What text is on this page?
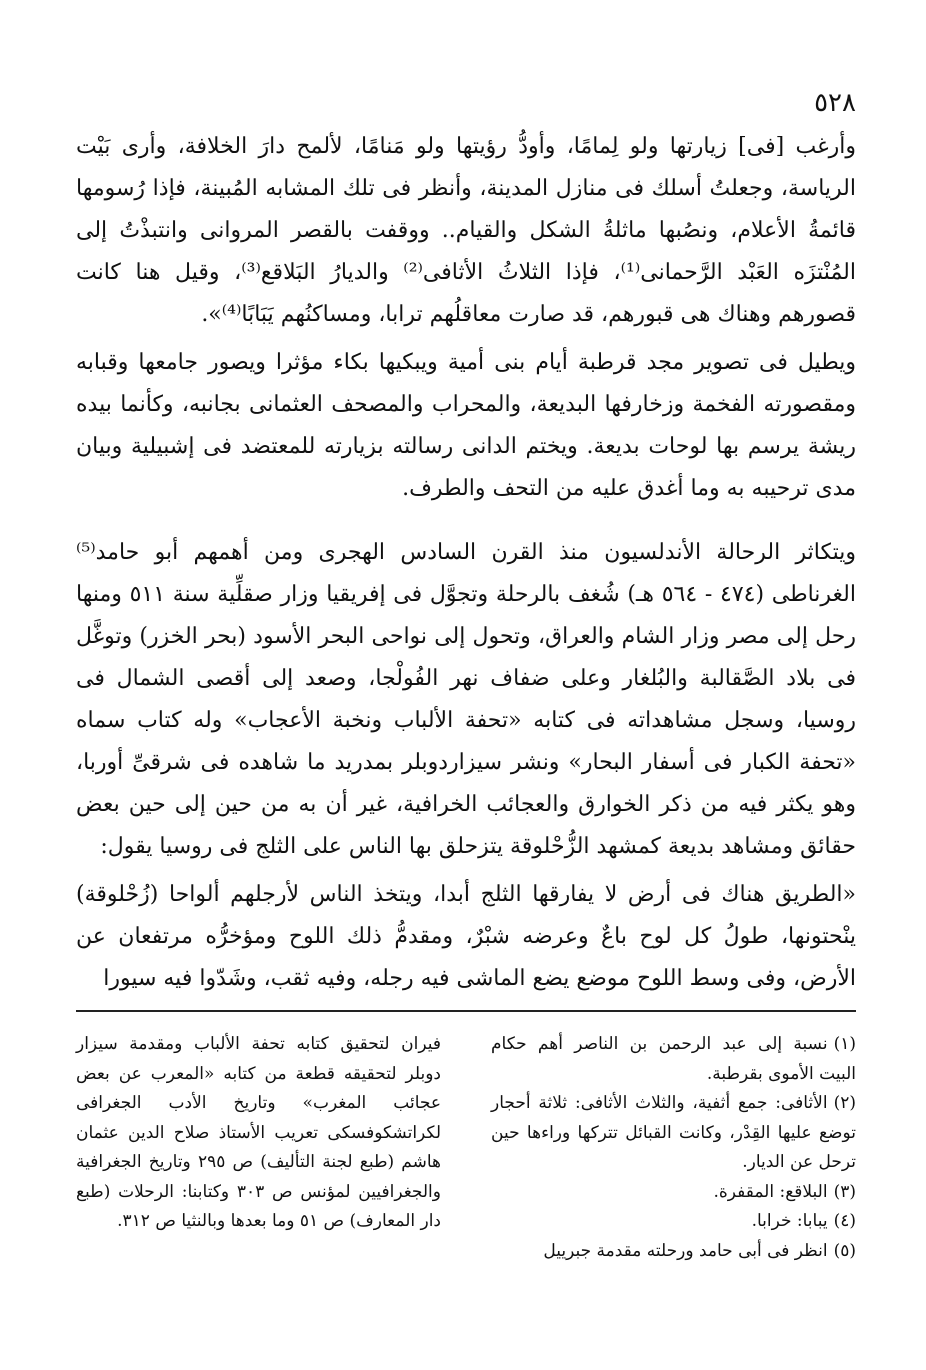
٥٢٨

وأرغب [فى] زيارتها ولو لِمامًا، وأودُّ رؤيتها ولو مَنامًا، لألمح دارَ الخلافة، وأرى بَيْت الرياسة، وجعلتُ أسلك فى منازل المدينة، وأنظر فى تلك المشابه المُبينة، فإذا رُسومها قائمةُ الأعلام، ونصُبها ماثلةُ الشكل والقيام.. ووقفت بالقصر المروانى وانتبذْتُ إلى المُنْتزَه العَبْد الرَّحمانى⁽¹⁾، فإذا الثلاثُ الأثافى⁽²⁾ والديارُ البَلاقع⁽³⁾، وقيل هنا كانت قصورهم وهناك هى قبورهم، قد صارت معاقلُهم ترابا، ومساكنُهم يَبَابًا⁽⁴⁾».

ويطيل فى تصوير مجد قرطبة أيام بنى أمية ويبكيها بكاء مؤثرا ويصور جامعها وقبابه ومقصورته الفخمة وزخارفها البديعة، والمحراب والمصحف العثمانى بجانبه، وكأنما بيده ريشة يرسم بها لوحات بديعة. ويختم الدانى رسالته بزيارته للمعتضد فى إشبيلية وبيان مدى ترحيبه به وما أغدق عليه من التحف والطرف.

ويتكاثر الرحالة الأندلسيون منذ القرن السادس الهجرى ومن أهمهم أبو حامد⁽⁵⁾ الغرناطى (٤٧٤ - ٥٦٤ هـ) شُغف بالرحلة وتجوَّل فى إفريقيا وزار صقلِّية سنة ٥١١ ومنها رحل إلى مصر وزار الشام والعراق، وتحول إلى نواحى البحر الأسود (بحر الخزر) وتوغَّل فى بلاد الصَّقالبة والبُلغار وعلى ضفاف نهر الفُولْجا، وصعد إلى أقصى الشمال فى روسيا، وسجل مشاهداته فى كتابه «تحفة الألباب ونخبة الأعجاب» وله كتاب سماه «تحفة الكبار فى أسفار البحار» ونشر سيزاردوبلر بمدريد ما شاهده فى شرقىِّ أوربا، وهو يكثر فيه من ذكر الخوارق والعجائب الخرافية، غير أن به من حين إلى حين بعض حقائق ومشاهد بديعة كمشهد الزُّحْلوقة يتزحلق بها الناس على الثلج فى روسيا يقول:

«الطريق هناك فى أرض لا يفارقها الثلج أبدا، ويتخذ الناس لأرجلهم ألواحا (زُحْلوقة) ينْحتونها، طولُ كل لوح باعٌ وعرضه شبْرٌ، ومقدمُّ ذلك اللوح ومؤخرُّه مرتفعان عن الأرض، وفى وسط اللوح موضع يضع الماشى فيه رجله، وفيه ثقب، وشَدّوا فيه سيورا

(١)نسبة إلى عبد الرحمن بن الناصر أهم حكام البيت الأموى بقرطبة.

(٢)الأثافى: جمع أثفية، والثلاث الأثافى: ثلاثة أحجار توضع عليها القِدْر، وكانت القبائل تتركها وراءها حين ترحل عن الديار.

(٣)البلاقع: المقفرة.

(٤)يبابا: خرابا.

(٥)انظر فى أبى حامد ورحلته مقدمة جبرييل

فيران لتحقيق كتابه تحفة الألباب ومقدمة سيزار دوبلر لتحقيقه قطعة من كتابه «المعرب عن بعض عجائب المغرب» وتاريخ الأدب الجغرافى لكراتشكوفسكى تعريب الأستاذ صلاح الدين عثمان هاشم (طبع لجنة التأليف) ص ٢٩٥ وتاريخ الجغرافية والجغرافيين لمؤنس ص ٣٠٣ وكتابنا: الرحلات (طبع دار المعارف) ص ٥١ وما بعدها وبالنثيا ص ٣١٢.
